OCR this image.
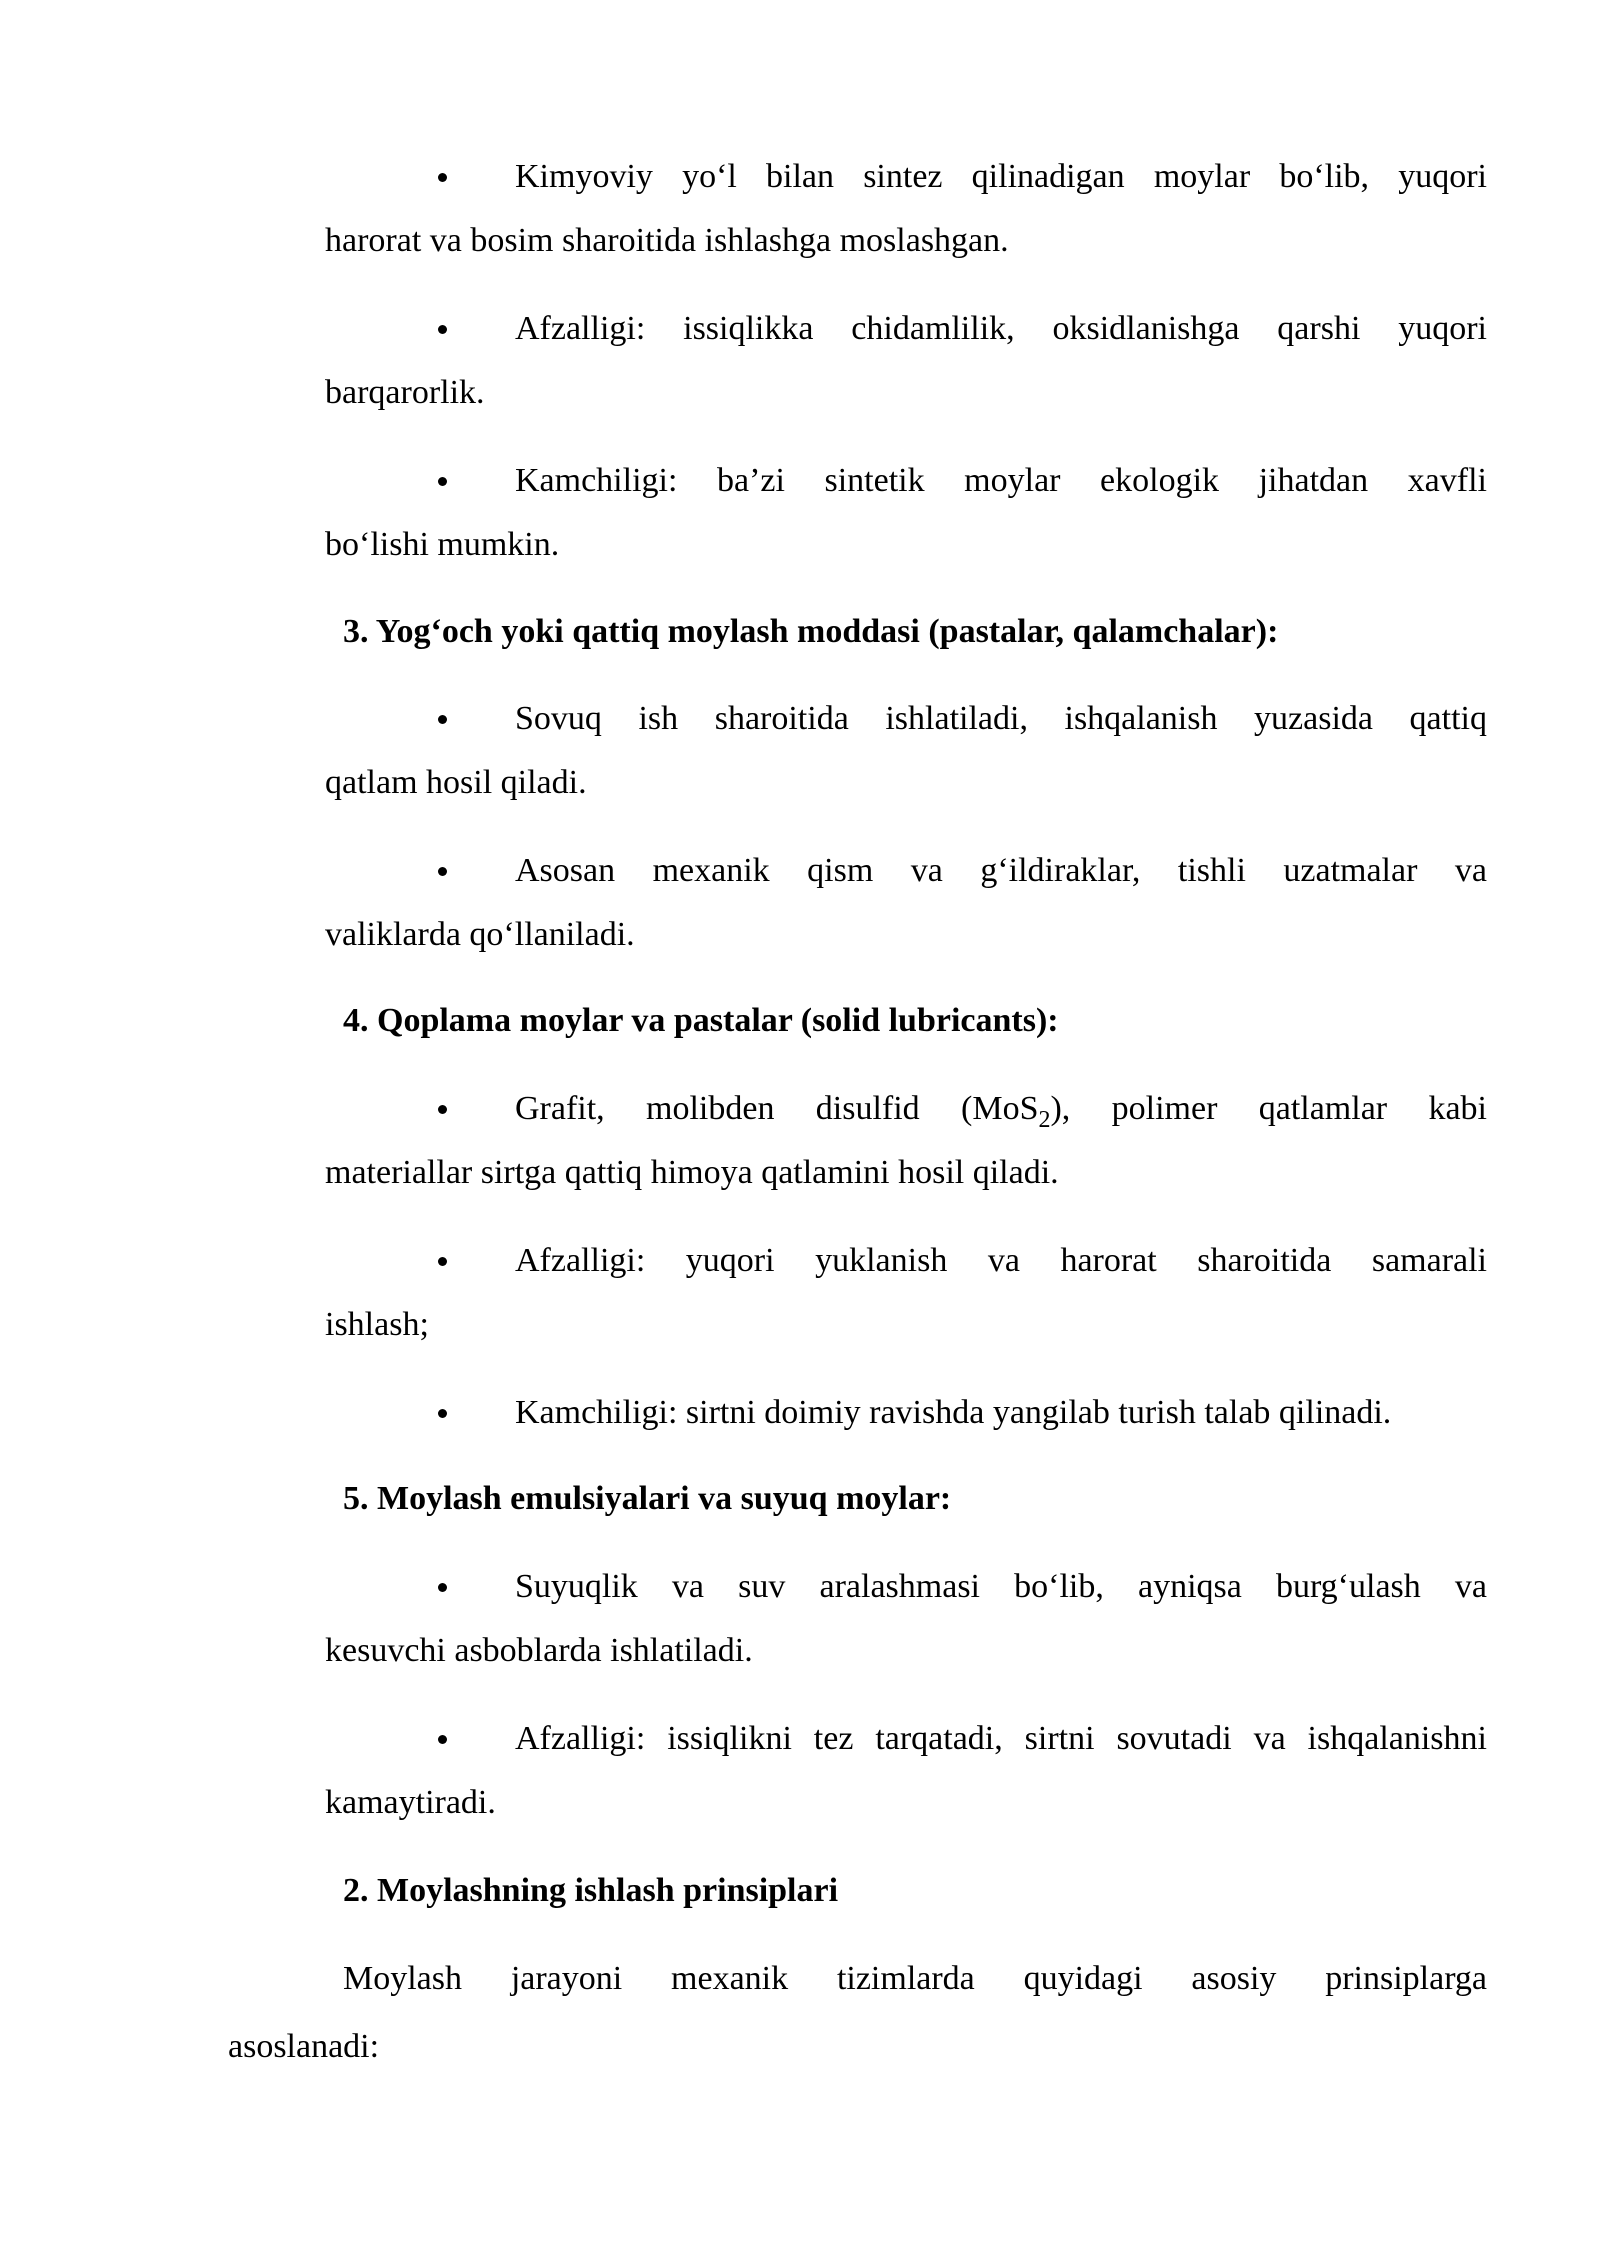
Kimyoviy yo‘l bilan sintez qilinadigan moylar bo‘lib, yuqori
harorat va bosim sharoitida ishlashga moslashgan.
Afzalligi: issiqlikka chidamlilik, oksidlanishga qarshi yuqori
barqarorlik.
Kamchiligi: ba’zi sintetik moylar ekologik jihatdan xavfli
bo‘lishi mumkin.
3. Yog‘och yoki qattiq moylash moddasi (pastalar, qalamchalar):
Sovuq ish sharoitida ishlatiladi, ishqalanish yuzasida qattiq
qatlam hosil qiladi.
Asosan mexanik qism va g‘ildiraklar, tishli uzatmalar va
valiklarda qo‘llaniladi.
4. Qoplama moylar va pastalar (solid lubricants):
Grafit, molibden disulfid (MoS$_2$), polimer qatlamlar kabi
materiallar sirtga qattiq himoya qatlamini hosil qiladi.
Afzalligi: yuqori yuklanish va harorat sharoitida samarali
ishlash;
Kamchiligi: sirtni doimiy ravishda yangilab turish talab qilinadi.
5. Moylash emulsiyalari va suyuq moylar:
Suyuqlik va suv aralashmasi bo‘lib, ayniqsa burg‘ulash va
kesuvchi asboblarda ishlatiladi.
Afzalligi: issiqlikni tez tarqatadi, sirtni sovutadi va ishqalanishni
kamaytiradi.
2. Moylashning ishlash prinsiplari
Moylash jarayoni mexanik tizimlarda quyidagi asosiy prinsiplarga
asoslanadi:
